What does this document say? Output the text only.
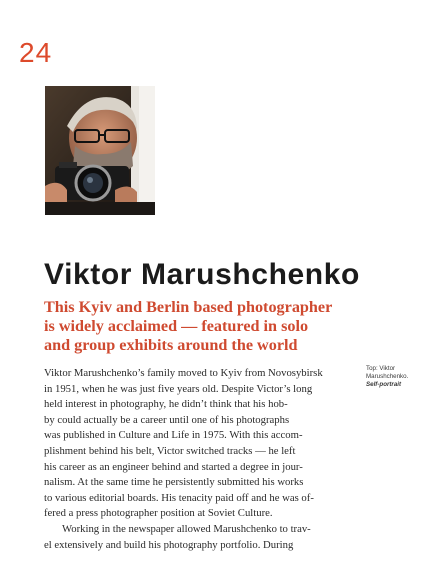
24
Viktor Marushchenko
This Kyiv and Berlin based photographer
is widely acclaimed — featured in solo
and group exhibits around the world
Viktor Marushchenko’s family moved to Kyiv from Novosybirsk
in 1951, when he was just five years old. Despite Victor’s long
held interest in photography, he didn’t think that his hob-
by could actually be a career until one of his photographs
was published in Culture and Life in 1975. With this accom-
plishment behind his belt, Victor switched tracks — he left
his career as an engineer behind and started a degree in jour-
nalism. At the same time he persistently submitted his works
to various editorial boards. His tenacity paid off and he was of-
fered a press photographer position at Soviet Culture.
Working in the newspaper allowed Marushchenko to trav-
el extensively and build his photography portfolio. During
Top: Viktor
Marushchenko.
Self-portrait
